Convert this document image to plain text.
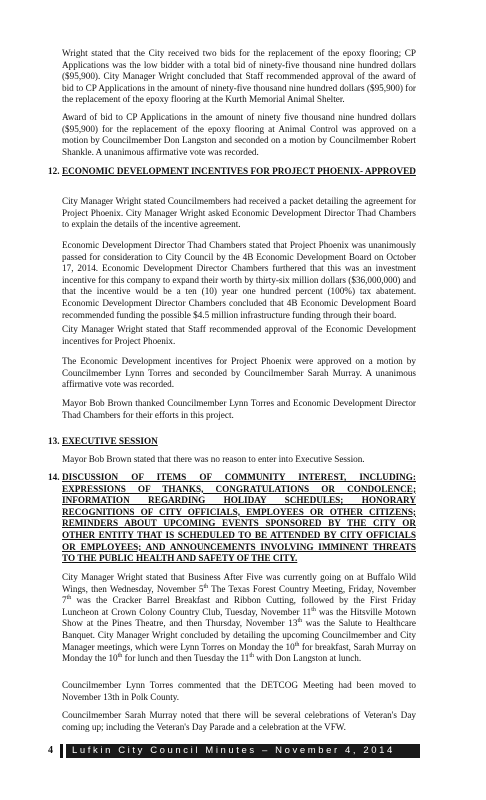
Wright stated that the City received two bids for the replacement of the epoxy flooring; CP Applications was the low bidder with a total bid of ninety-five thousand nine hundred dollars ($95,900). City Manager Wright concluded that Staff recommended approval of the award of bid to CP Applications in the amount of ninety-five thousand nine hundred dollars ($95,900) for the replacement of the epoxy flooring at the Kurth Memorial Animal Shelter.

Award of bid to CP Applications in the amount of ninety five thousand nine hundred dollars ($95,900) for the replacement of the epoxy flooring at Animal Control was approved on a motion by Councilmember Don Langston and seconded on a motion by Councilmember Robert Shankle. A unanimous affirmative vote was recorded.

12. ECONOMIC DEVELOPMENT INCENTIVES FOR PROJECT PHOENIX- APPROVED

City Manager Wright stated Councilmembers had received a packet detailing the agreement for Project Phoenix. City Manager Wright asked Economic Development Director Thad Chambers to explain the details of the incentive agreement.

Economic Development Director Thad Chambers stated that Project Phoenix was unanimously passed for consideration to City Council by the 4B Economic Development Board on October 17, 2014. Economic Development Director Chambers furthered that this was an investment incentive for this company to expand their worth by thirty-six million dollars ($36,000,000) and that the incentive would be a ten (10) year one hundred percent (100%) tax abatement. Economic Development Director Chambers concluded that 4B Economic Development Board recommended funding the possible $4.5 million infrastructure funding through their board.

City Manager Wright stated that Staff recommended approval of the Economic Development incentives for Project Phoenix.

The Economic Development incentives for Project Phoenix were approved on a motion by Councilmember Lynn Torres and seconded by Councilmember Sarah Murray. A unanimous affirmative vote was recorded.

Mayor Bob Brown thanked Councilmember Lynn Torres and Economic Development Director Thad Chambers for their efforts in this project.

13. EXECUTIVE SESSION

Mayor Bob Brown stated that there was no reason to enter into Executive Session.

14. DISCUSSION OF ITEMS OF COMMUNITY INTEREST, INCLUDING: EXPRESSIONS OF THANKS, CONGRATULATIONS OR CONDOLENCE; INFORMATION REGARDING HOLIDAY SCHEDULES; HONORARY RECOGNITIONS OF CITY OFFICIALS, EMPLOYEES OR OTHER CITIZENS; REMINDERS ABOUT UPCOMING EVENTS SPONSORED BY THE CITY OR OTHER ENTITY THAT IS SCHEDULED TO BE ATTENDED BY CITY OFFICIALS OR EMPLOYEES; AND ANNOUNCEMENTS INVOLVING IMMINENT THREATS TO THE PUBLIC HEALTH AND SAFETY OF THE CITY.

City Manager Wright stated that Business After Five was currently going on at Buffalo Wild Wings, then Wednesday, November 5th The Texas Forest Country Meeting, Friday, November 7th was the Cracker Barrel Breakfast and Ribbon Cutting, followed by the First Friday Luncheon at Crown Colony Country Club, Tuesday, November 11th was the Hitsville Motown Show at the Pines Theatre, and then Thursday, November 13th was the Salute to Healthcare Banquet. City Manager Wright concluded by detailing the upcoming Councilmember and City Manager meetings, which were Lynn Torres on Monday the 10th for breakfast, Sarah Murray on Monday the 10th for lunch and then Tuesday the 11th with Don Langston at lunch.

Councilmember Lynn Torres commented that the DETCOG Meeting had been moved to November 13th in Polk County.

Councilmember Sarah Murray noted that there will be several celebrations of Veteran's Day coming up; including the Veteran's Day Parade and a celebration at the VFW.

4 Lufkin City Council Minutes – November 4, 2014
